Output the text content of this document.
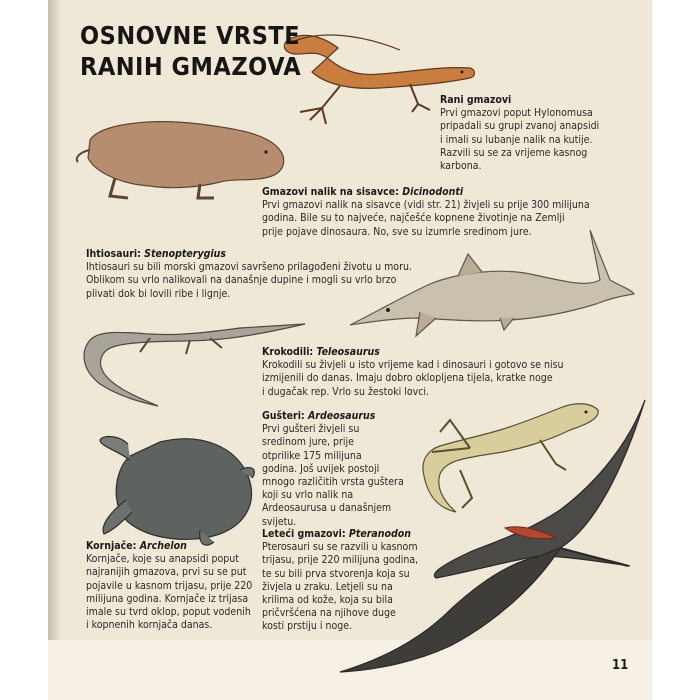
OSNOVNE VRSTE
RANIH GMAZOVA
Rani gmazovi
Prvi gmazovi poput Hylonomusa
pripadali su grupi zvanoj anapsidi
i imali su lubanje nalik na kutije.
Razvili su se za vrijeme kasnog
karbona.
Gmazovi nalik na sisavce: Dicinodonti
Prvi gmazovi nalik na sisavce (vidi str. 21) živjeli su prije 300 milijuna
godina. Bile su to najveće, najčešće kopnene životinje na Zemlji
prije pojave dinosaura. No, sve su izumrle sredinom jure.
Ihtiosauri: Stenopterygius
Ihtiosauri su bili morski gmazovi savršeno prilagođeni životu u moru.
Oblikom su vrlo nalikovali na današnje dupine i mogli su vrlo brzo
plivati dok bi lovili ribe i lignje.
Krokodili: Teleosaurus
Krokodili su živjeli u isto vrijeme kad i dinosauri i gotovo se nisu
izmijenili do danas. Imaju dobro okloplјena tijela, kratke noge
i dugačak rep. Vrlo su žestoki lovci.
Gušteri: Ardeosaurus
Prvi gušteri živjeli su
sredinom jure, prije
otprilike 175 milijuna
godina. Još uvijek postoji
mnogo različitih vrsta guštera
koji su vrlo nalik na
Ardeosaurusa u današnjem
svijetu.
Leteći gmazovi: Pteranodon
Pterosauri su se razvili u kasnom
trijasu, prije 220 milijuna godina,
te su bili prva stvorenja koja su
živjela u zraku. Letjeli su na
krilima od kože, koja su bila
pričvršćena na njihove duge
kosti prstiju i noge.
Kornjače: Archelon
Kornjače, koje su anapsidi poput
najranijih gmazova, prvi su se put
pojavile u kasnom trijasu, prije 220
milijuna godina. Kornjače iz trijasa
imale su tvrd oklop, poput vodenih
i kopnenih kornjača danas.
11
